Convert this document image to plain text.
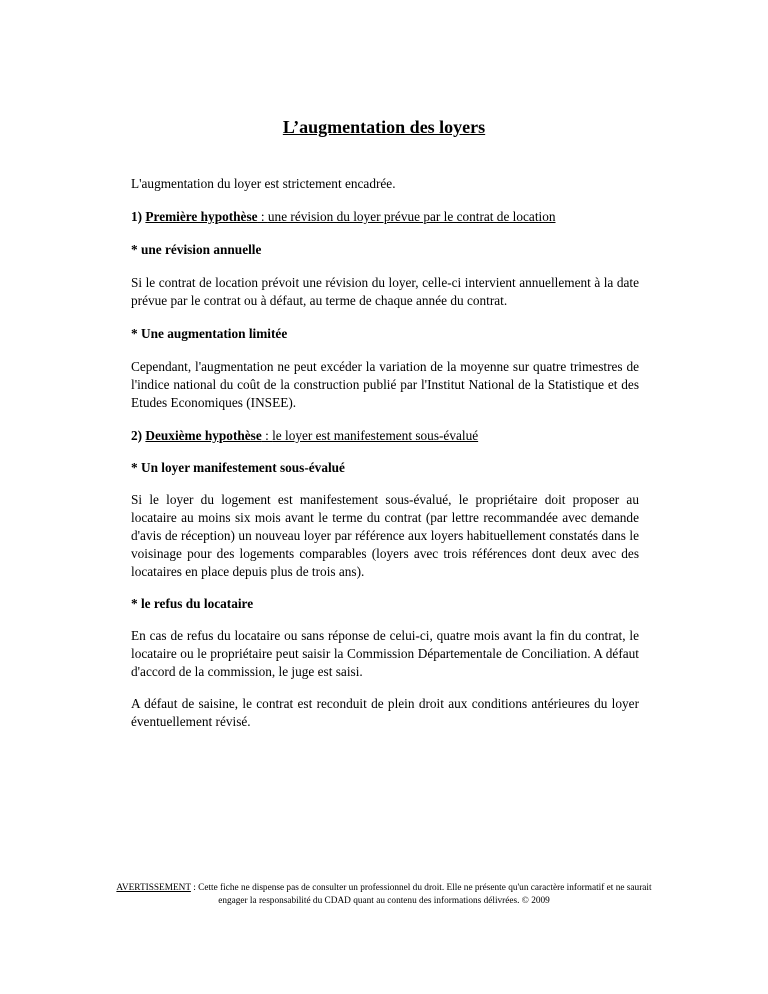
L’augmentation des loyers

L'augmentation du loyer est strictement encadrée.

1) Première hypothèse : une révision du loyer prévue par le contrat de location

* une révision annuelle

Si le contrat de location prévoit une révision du loyer, celle-ci intervient annuellement à la date prévue par le contrat ou à défaut, au terme de chaque année du contrat.

* Une augmentation limitée

Cependant, l'augmentation ne peut excéder la variation de la moyenne sur quatre trimestres de l'indice national du coût de la construction publié par l'Institut National de la Statistique et des Etudes Economiques (INSEE).

2) Deuxième hypothèse : le loyer est manifestement sous-évalué

* Un loyer manifestement sous-évalué

Si le loyer du logement est manifestement sous-évalué, le propriétaire doit proposer au locataire au moins six mois avant le terme du contrat (par lettre recommandée avec demande d'avis de réception) un nouveau loyer par référence aux loyers habituellement constatés dans le voisinage pour des logements comparables (loyers avec trois références dont deux avec des locataires en place depuis plus de trois ans).

* le refus du locataire

En cas de refus du locataire ou sans réponse de celui-ci, quatre mois avant la fin du contrat, le locataire ou le propriétaire peut saisir la Commission Départementale de Conciliation. A défaut d'accord de la commission, le juge est saisi.

A défaut de saisine, le contrat est reconduit de plein droit aux conditions antérieures du loyer éventuellement révisé.

AVERTISSEMENT : Cette fiche ne dispense pas de consulter un professionnel du droit. Elle ne présente qu'un caractère informatif et ne saurait
engager la responsabilité du CDAD quant au contenu des informations délivrées. © 2009
